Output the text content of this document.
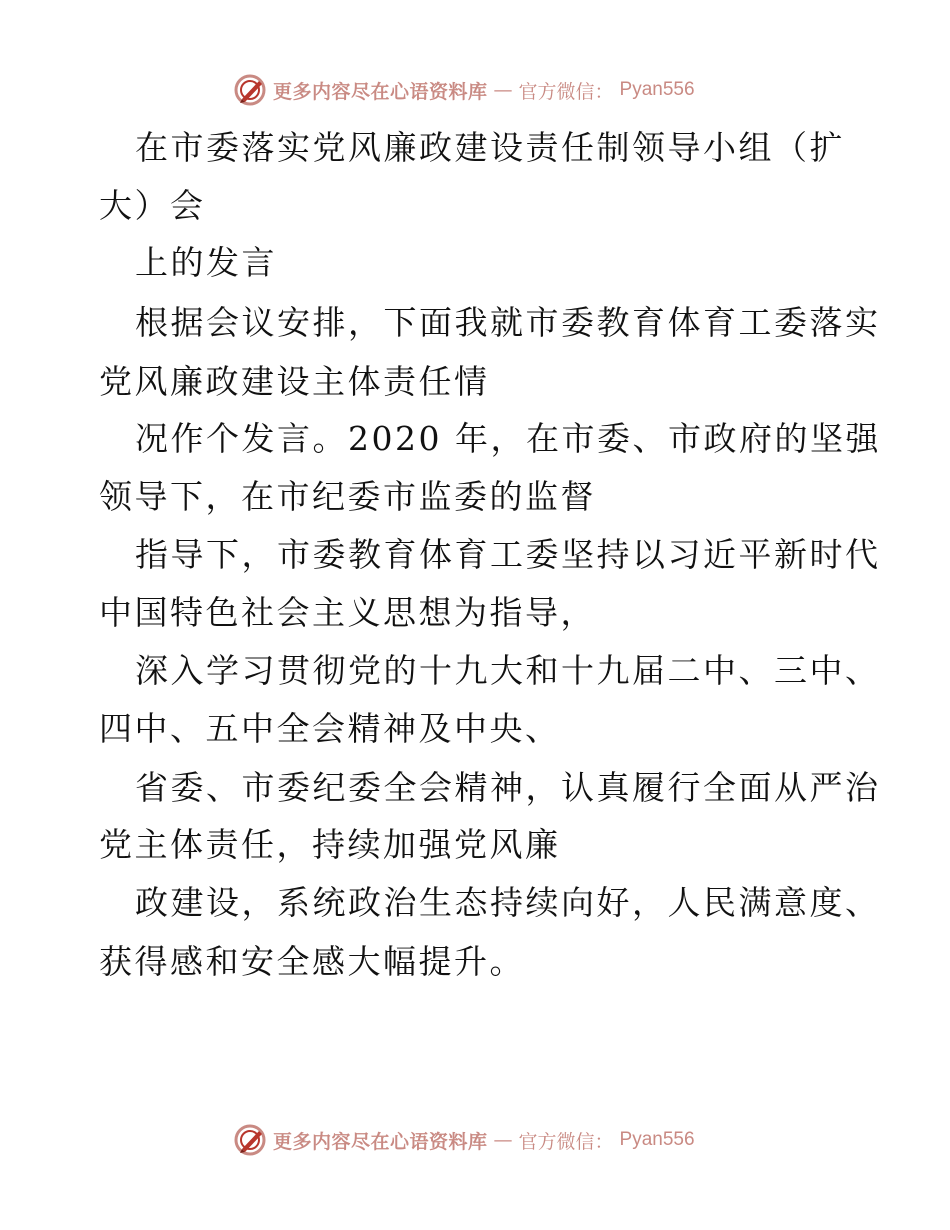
更多内容尽在心语资料库 — 官方微信： Pyan556
在市委落实党风廉政建设责任制领导小组（扩
大）会
上的发言
根据会议安排，下面我就市委教育体育工委落实
党风廉政建设主体责任情
况作个发言。2020 年，在市委、市政府的坚强
领导下，在市纪委市监委的监督
指导下，市委教育体育工委坚持以习近平新时代
中国特色社会主义思想为指导，
深入学习贯彻党的十九大和十九届二中、三中、
四中、五中全会精神及中央、
省委、市委纪委全会精神，认真履行全面从严治
党主体责任，持续加强党风廉
政建设，系统政治生态持续向好，人民满意度、
获得感和安全感大幅提升。
更多内容尽在心语资料库 — 官方微信： Pyan556
